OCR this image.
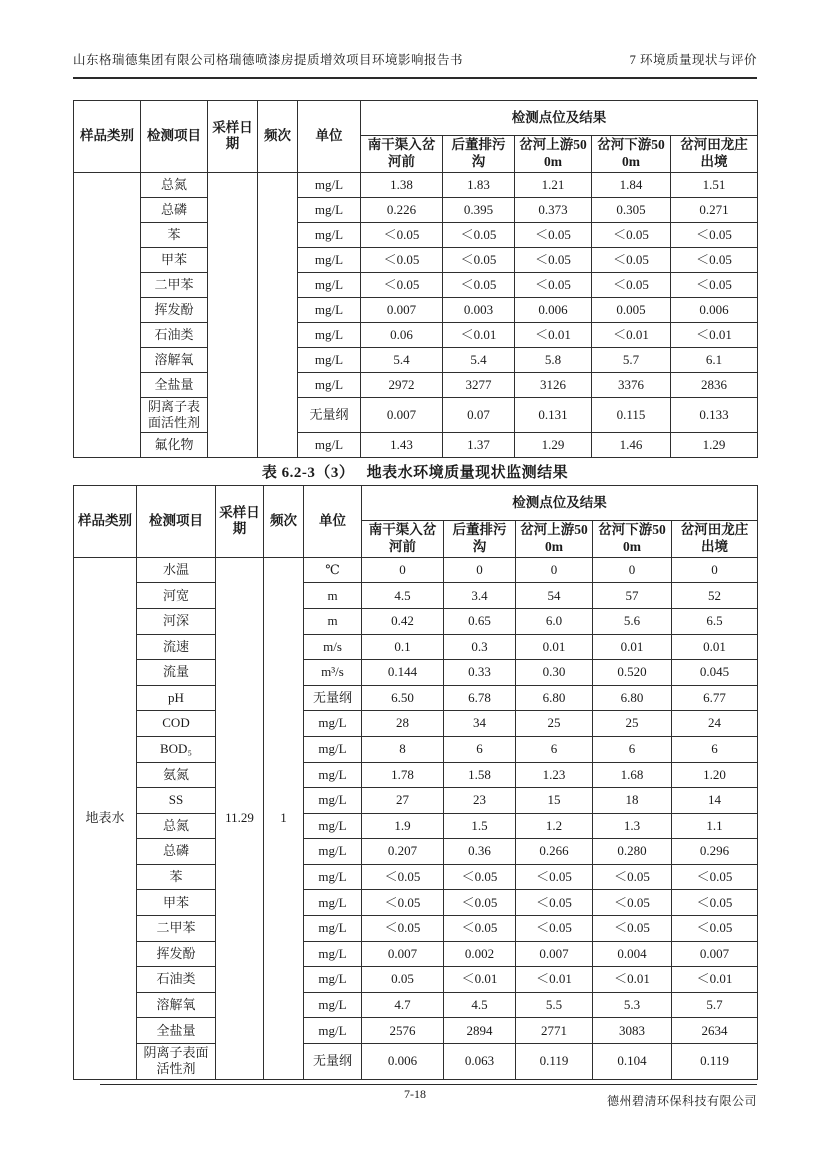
山东格瑞德集团有限公司格瑞德喷漆房提质增效项目环境影响报告书	7 环境质量现状与评价
样品类别	检测项目	采样日期	频次	单位	检测点位及结果				
					南干渠入岔河前	后董排污沟	岔河上游500m	岔河下游500m	岔河田龙庄出境
	总氮			mg/L	1.38	1.83	1.21	1.84	1.51
	总磷			mg/L	0.226	0.395	0.373	0.305	0.271
	苯			mg/L	＜0.05	＜0.05	＜0.05	＜0.05	＜0.05
	甲苯			mg/L	＜0.05	＜0.05	＜0.05	＜0.05	＜0.05
	二甲苯			mg/L	＜0.05	＜0.05	＜0.05	＜0.05	＜0.05
	挥发酚			mg/L	0.007	0.003	0.006	0.005	0.006
	石油类			mg/L	0.06	＜0.01	＜0.01	＜0.01	＜0.01
	溶解氧			mg/L	5.4	5.4	5.8	5.7	6.1
	全盐量			mg/L	2972	3277	3126	3376	2836
	阴离子表面活性剂			无量纲	0.007	0.07	0.131	0.115	0.133
	氟化物			mg/L	1.43	1.37	1.29	1.46	1.29
表 6.2-3（3）　 地表水环境质量现状监测结果
样品类别	检测项目	采样日期	频次	单位	检测点位及结果				
					南干渠入岔河前	后董排污沟	岔河上游500m	岔河下游500m	岔河田龙庄出境
地表水	水温	11.29	1	℃	0	0	0	0	0
	河宽			m	4.5	3.4	54	57	52
	河深			m	0.42	0.65	6.0	5.6	6.5
	流速			m/s	0.1	0.3	0.01	0.01	0.01
	流量			m³/s	0.144	0.33	0.30	0.520	0.045
	pH			无量纲	6.50	6.78	6.80	6.80	6.77
	COD			mg/L	28	34	25	25	24
	BOD₅			mg/L	8	6	6	6	6
	氨氮			mg/L	1.78	1.58	1.23	1.68	1.20
	SS			mg/L	27	23	15	18	14
	总氮			mg/L	1.9	1.5	1.2	1.3	1.1
	总磷			mg/L	0.207	0.36	0.266	0.280	0.296
	苯			mg/L	＜0.05	＜0.05	＜0.05	＜0.05	＜0.05
	甲苯			mg/L	＜0.05	＜0.05	＜0.05	＜0.05	＜0.05
	二甲苯			mg/L	＜0.05	＜0.05	＜0.05	＜0.05	＜0.05
	挥发酚			mg/L	0.007	0.002	0.007	0.004	0.007
	石油类			mg/L	0.05	＜0.01	＜0.01	＜0.01	＜0.01
	溶解氧			mg/L	4.7	4.5	5.5	5.3	5.7
	全盐量			mg/L	2576	2894	2771	3083	2634
	阴离子表面活性剂			无量纲	0.006	0.063	0.119	0.104	0.119
7-18	德州碧清环保科技有限公司
